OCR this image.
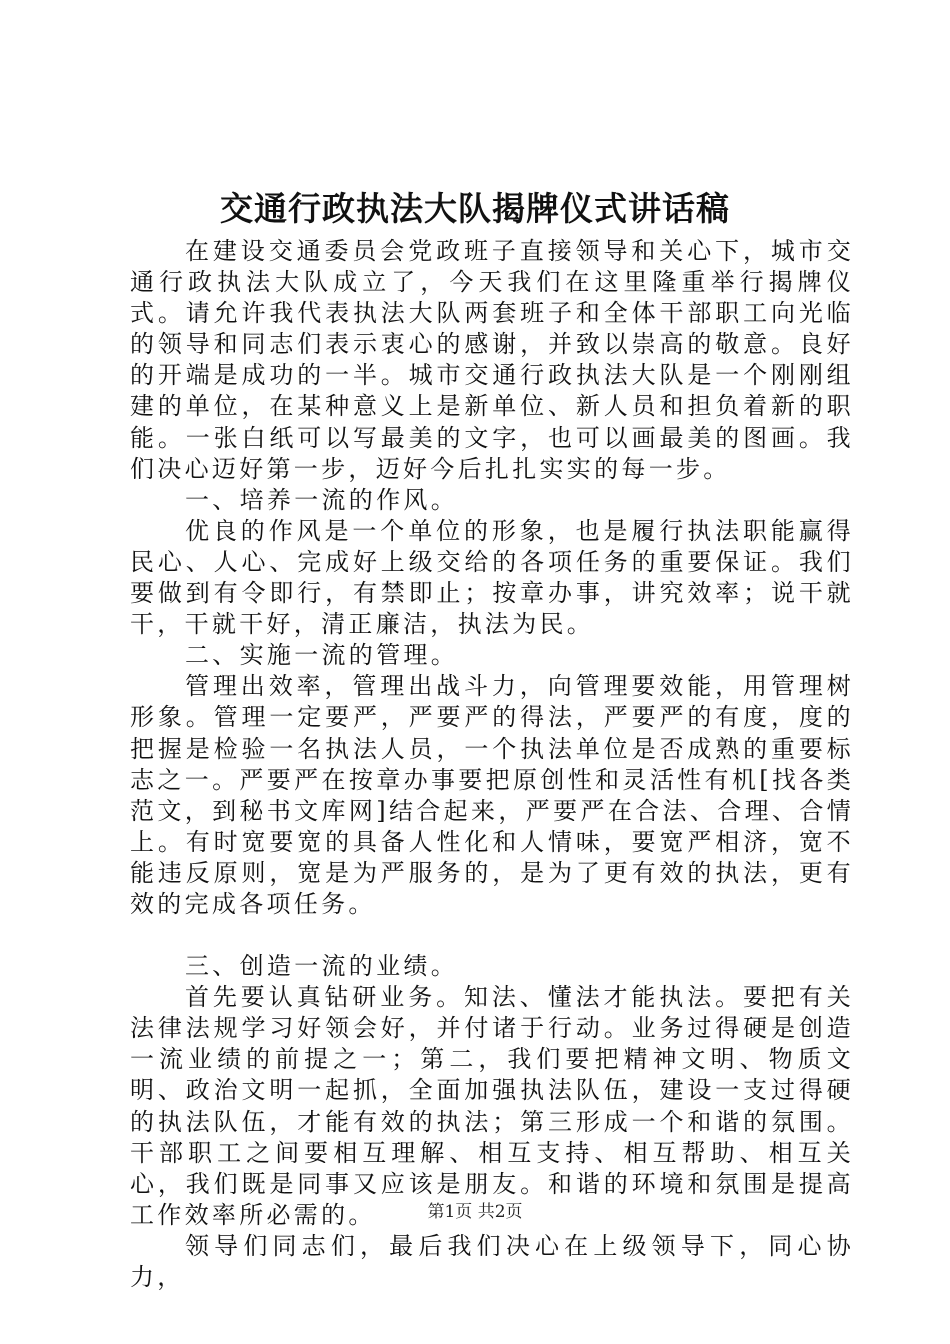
交通行政执法大队揭牌仪式讲话稿

在建设交通委员会党政班子直接领导和关心下，城市交通行政执法大队成立了，今天我们在这里隆重举行揭牌仪式。请允许我代表执法大队两套班子和全体干部职工向光临的领导和同志们表示衷心的感谢，并致以崇高的敬意。良好的开端是成功的一半。城市交通行政执法大队是一个刚刚组建的单位，在某种意义上是新单位、新人员和担负着新的职能。一张白纸可以写最美的文字，也可以画最美的图画。我们决心迈好第一步，迈好今后扎扎实实的每一步。

一、培养一流的作风。

优良的作风是一个单位的形象，也是履行执法职能赢得民心、人心、完成好上级交给的各项任务的重要保证。我们要做到有令即行，有禁即止；按章办事，讲究效率；说干就干，干就干好，清正廉洁，执法为民。

二、实施一流的管理。

管理出效率，管理出战斗力，向管理要效能，用管理树形象。管理一定要严，严要严的得法，严要严的有度，度的把握是检验一名执法人员，一个执法单位是否成熟的重要标志之一。严要严在按章办事要把原创性和灵活性有机[找各类范文，到秘书文库网]结合起来，严要严在合法、合理、合情上。有时宽要宽的具备人性化和人情味，要宽严相济，宽不能违反原则，宽是为严服务的，是为了更有效的执法，更有效的完成各项任务。

三、创造一流的业绩。

首先要认真钻研业务。知法、懂法才能执法。要把有关法律法规学习好领会好，并付诸于行动。业务过得硬是创造一流业绩的前提之一；第二，我们要把精神文明、物质文明、政治文明一起抓，全面加强执法队伍，建设一支过得硬的执法队伍，才能有效的执法；第三形成一个和谐的氛围。干部职工之间要相互理解、相互支持、相互帮助、相互关心，我们既是同事又应该是朋友。和谐的环境和氛围是提高工作效率所必需的。

领导们同志们，最后我们决心在上级领导下，同心协力，

第1页 共2页
